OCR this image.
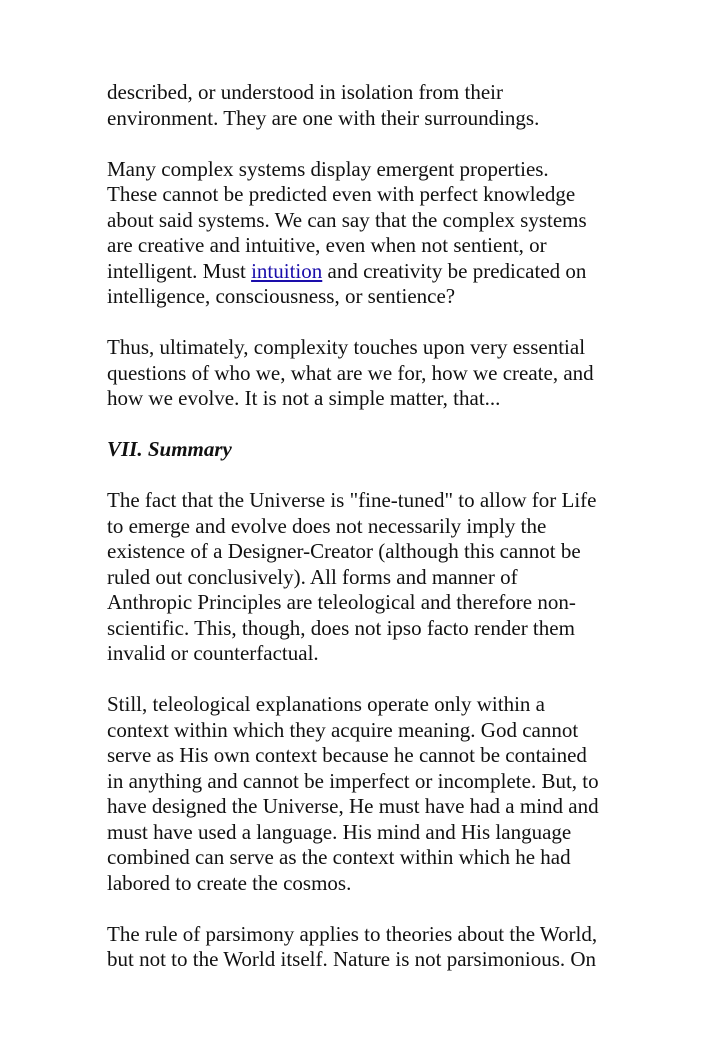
described, or understood in isolation from their
environment. They are one with their surroundings.
Many complex systems display emergent properties.
These cannot be predicted even with perfect knowledge
about said systems. We can say that the complex systems
are creative and intuitive, even when not sentient, or
intelligent. Must intuition and creativity be predicated on
intelligence, consciousness, or sentience?
Thus, ultimately, complexity touches upon very essential
questions of who we, what are we for, how we create, and
how we evolve. It is not a simple matter, that...
VII. Summary
The fact that the Universe is "fine-tuned" to allow for Life
to emerge and evolve does not necessarily imply the
existence of a Designer-Creator (although this cannot be
ruled out conclusively). All forms and manner of
Anthropic Principles are teleological and therefore non-
scientific. This, though, does not ipso facto render them
invalid or counterfactual.
Still, teleological explanations operate only within a
context within which they acquire meaning. God cannot
serve as His own context because he cannot be contained
in anything and cannot be imperfect or incomplete. But, to
have designed the Universe, He must have had a mind and
must have used a language. His mind and His language
combined can serve as the context within which he had
labored to create the cosmos.
The rule of parsimony applies to theories about the World,
but not to the World itself. Nature is not parsimonious. On
